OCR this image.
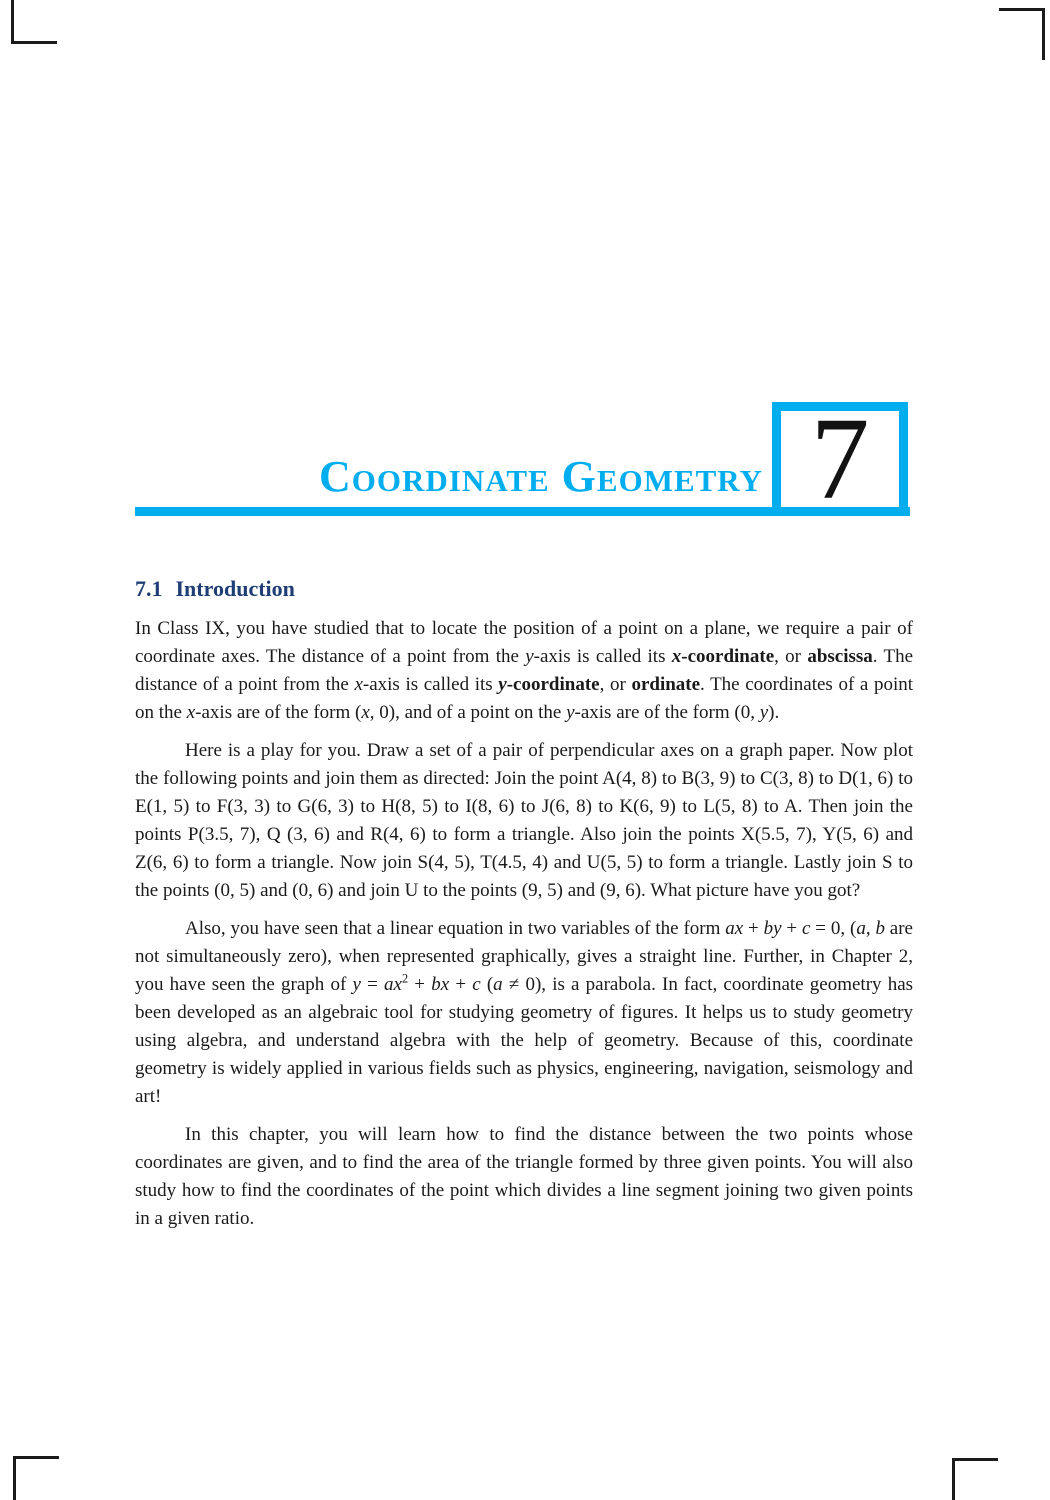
Coordinate Geometry 7
7.1 Introduction

In Class IX, you have studied that to locate the position of a point on a plane, we require a pair of coordinate axes. The distance of a point from the y-axis is called its x-coordinate, or abscissa. The distance of a point from the x-axis is called its y-coordinate, or ordinate. The coordinates of a point on the x-axis are of the form (x, 0), and of a point on the y-axis are of the form (0, y).

Here is a play for you. Draw a set of a pair of perpendicular axes on a graph paper. Now plot the following points and join them as directed: Join the point A(4, 8) to B(3, 9) to C(3, 8) to D(1, 6) to E(1, 5) to F(3, 3) to G(6, 3) to H(8, 5) to I(8, 6) to J(6, 8) to K(6, 9) to L(5, 8) to A. Then join the points P(3.5, 7), Q (3, 6) and R(4, 6) to form a triangle. Also join the points X(5.5, 7), Y(5, 6) and Z(6, 6) to form a triangle. Now join S(4, 5), T(4.5, 4) and U(5, 5) to form a triangle. Lastly join S to the points (0, 5) and (0, 6) and join U to the points (9, 5) and (9, 6). What picture have you got?

Also, you have seen that a linear equation in two variables of the form ax + by + c = 0, (a, b are not simultaneously zero), when represented graphically, gives a straight line. Further, in Chapter 2, you have seen the graph of $y = ax^2$ + bx + c (a ≠ 0), is a parabola. In fact, coordinate geometry has been developed as an algebraic tool for studying geometry of figures. It helps us to study geometry using algebra, and understand algebra with the help of geometry. Because of this, coordinate geometry is widely applied in various fields such as physics, engineering, navigation, seismology and art!

In this chapter, you will learn how to find the distance between the two points whose coordinates are given, and to find the area of the triangle formed by three given points. You will also study how to find the coordinates of the point which divides a line segment joining two given points in a given ratio.
